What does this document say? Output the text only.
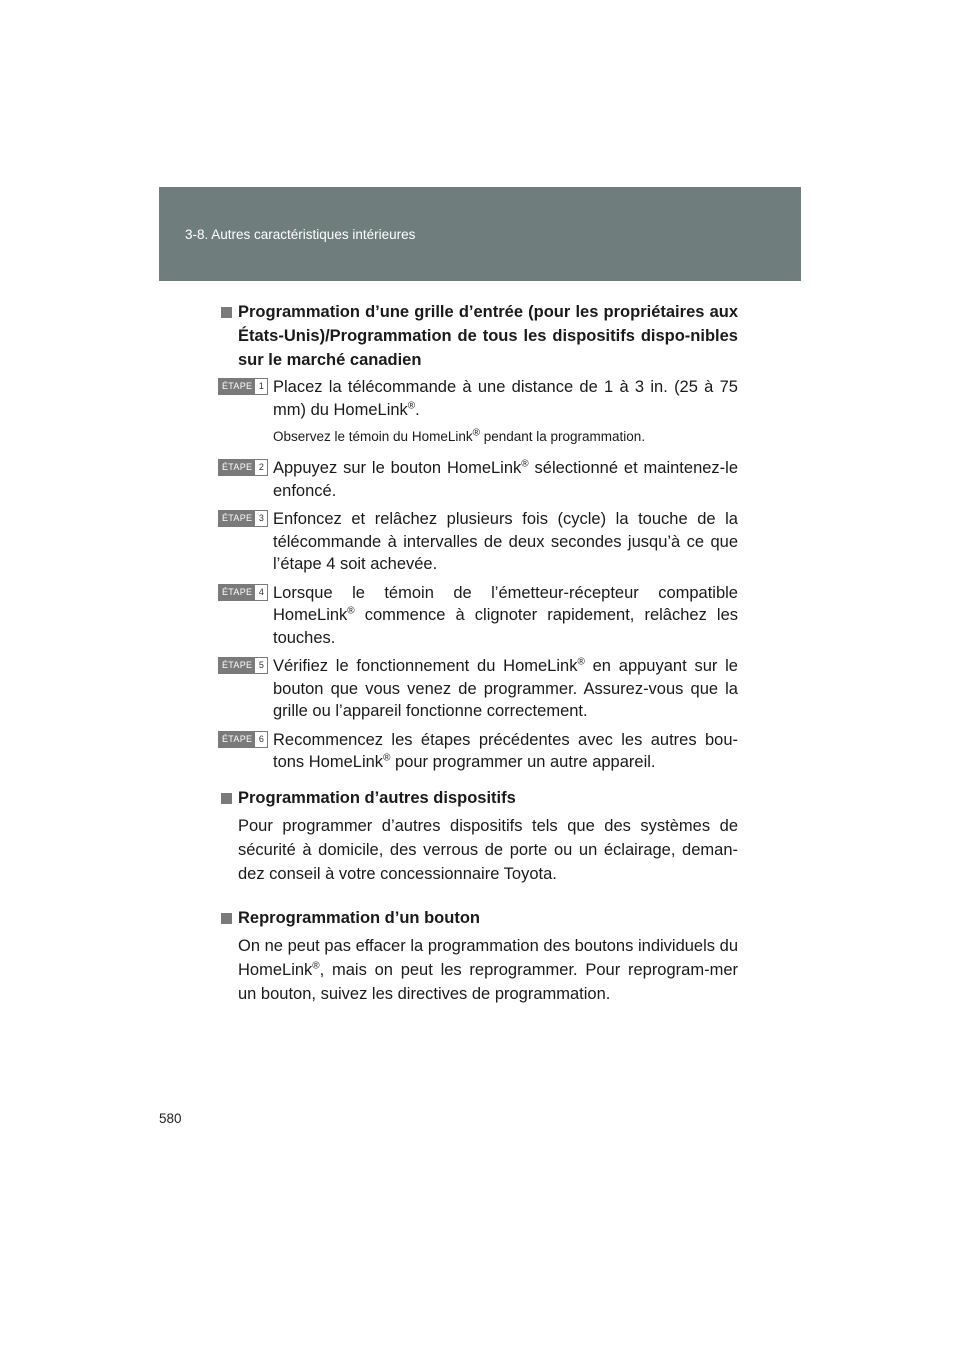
3-8. Autres caractéristiques intérieures
Programmation d’une grille d’entrée (pour les propriétaires aux États-Unis)/Programmation de tous les dispositifs dispo-nibles sur le marché canadien
ÉTAPE 1 Placez la télécommande à une distance de 1 à 3 in. (25 à 75 mm) du HomeLink®.
Observez le témoin du HomeLink® pendant la programmation.
ÉTAPE 2 Appuyez sur le bouton HomeLink® sélectionné et maintenez-le enfoncé.
ÉTAPE 3 Enfoncez et relâchez plusieurs fois (cycle) la touche de la télécommande à intervalles de deux secondes jusqu’à ce que l’étape 4 soit achevée.
ÉTAPE 4 Lorsque le témoin de l’émetteur-récepteur compatible HomeLink® commence à clignoter rapidement, relâchez les touches.
ÉTAPE 5 Vérifiez le fonctionnement du HomeLink® en appuyant sur le bouton que vous venez de programmer. Assurez-vous que la grille ou l’appareil fonctionne correctement.
ÉTAPE 6 Recommencez les étapes précédentes avec les autres bou-tons HomeLink® pour programmer un autre appareil.
Programmation d’autres dispositifs
Pour programmer d’autres dispositifs tels que des systèmes de sécurité à domicile, des verrous de porte ou un éclairage, deman-dez conseil à votre concessionnaire Toyota.
Reprogrammation d’un bouton
On ne peut pas effacer la programmation des boutons individuels du HomeLink®, mais on peut les reprogrammer. Pour reprogram-mer un bouton, suivez les directives de programmation.
580
